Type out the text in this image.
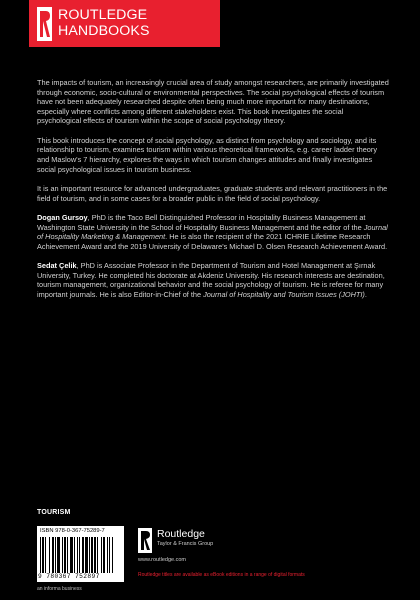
ROUTLEDGE
HANDBOOKS

The impacts of tourism, an increasingly crucial area of study amongst researchers, are primarily investigated through economic, socio-cultural or environmental perspectives. The social psychological effects of tourism have not been adequately researched despite often being much more important for many destinations, especially where conflicts among different stakeholders exist. This book investigates the social psychological effects of tourism within the scope of social psychology theory.

This book introduces the concept of social psychology, as distinct from psychology and sociology, and its relationship to tourism, examines tourism within various theoretical frameworks, e.g. career ladder theory and Maslow's 7 hierarchy, explores the ways in which tourism changes attitudes and finally investigates social psychological issues in tourism business.

It is an important resource for advanced undergraduates, graduate students and relevant practitioners in the field of tourism, and in some cases for a broader public in the field of social psychology.

Dogan Gursoy, PhD is the Taco Bell Distinguished Professor in Hospitality Business Management at Washington State University in the School of Hospitality Business Management and the editor of the Journal of Hospitality Marketing & Management. He is also the recipient of the 2021 ICHRIE Lifetime Research Achievement Award and the 2019 University of Delaware's Michael D. Olsen Research Achievement Award.

Sedat Çelik, PhD is Associate Professor in the Department of Tourism and Hotel Management at Şırnak University, Turkey. He completed his doctorate at Akdeniz University. His research interests are destination, tourism management, organizational behavior and the social psychology of tourism. He is referee for many important journals. He is also Editor-in-Chief of the Journal of Hospitality and Tourism Issues (JOHTI).

TOURISM
ISBN 978-0-367-75289-7
9 780367 752897
an informa business
Routledge
Taylor & Francis Group
www.routledge.com
Routledge titles are available as eBook editions in a range of digital formats
